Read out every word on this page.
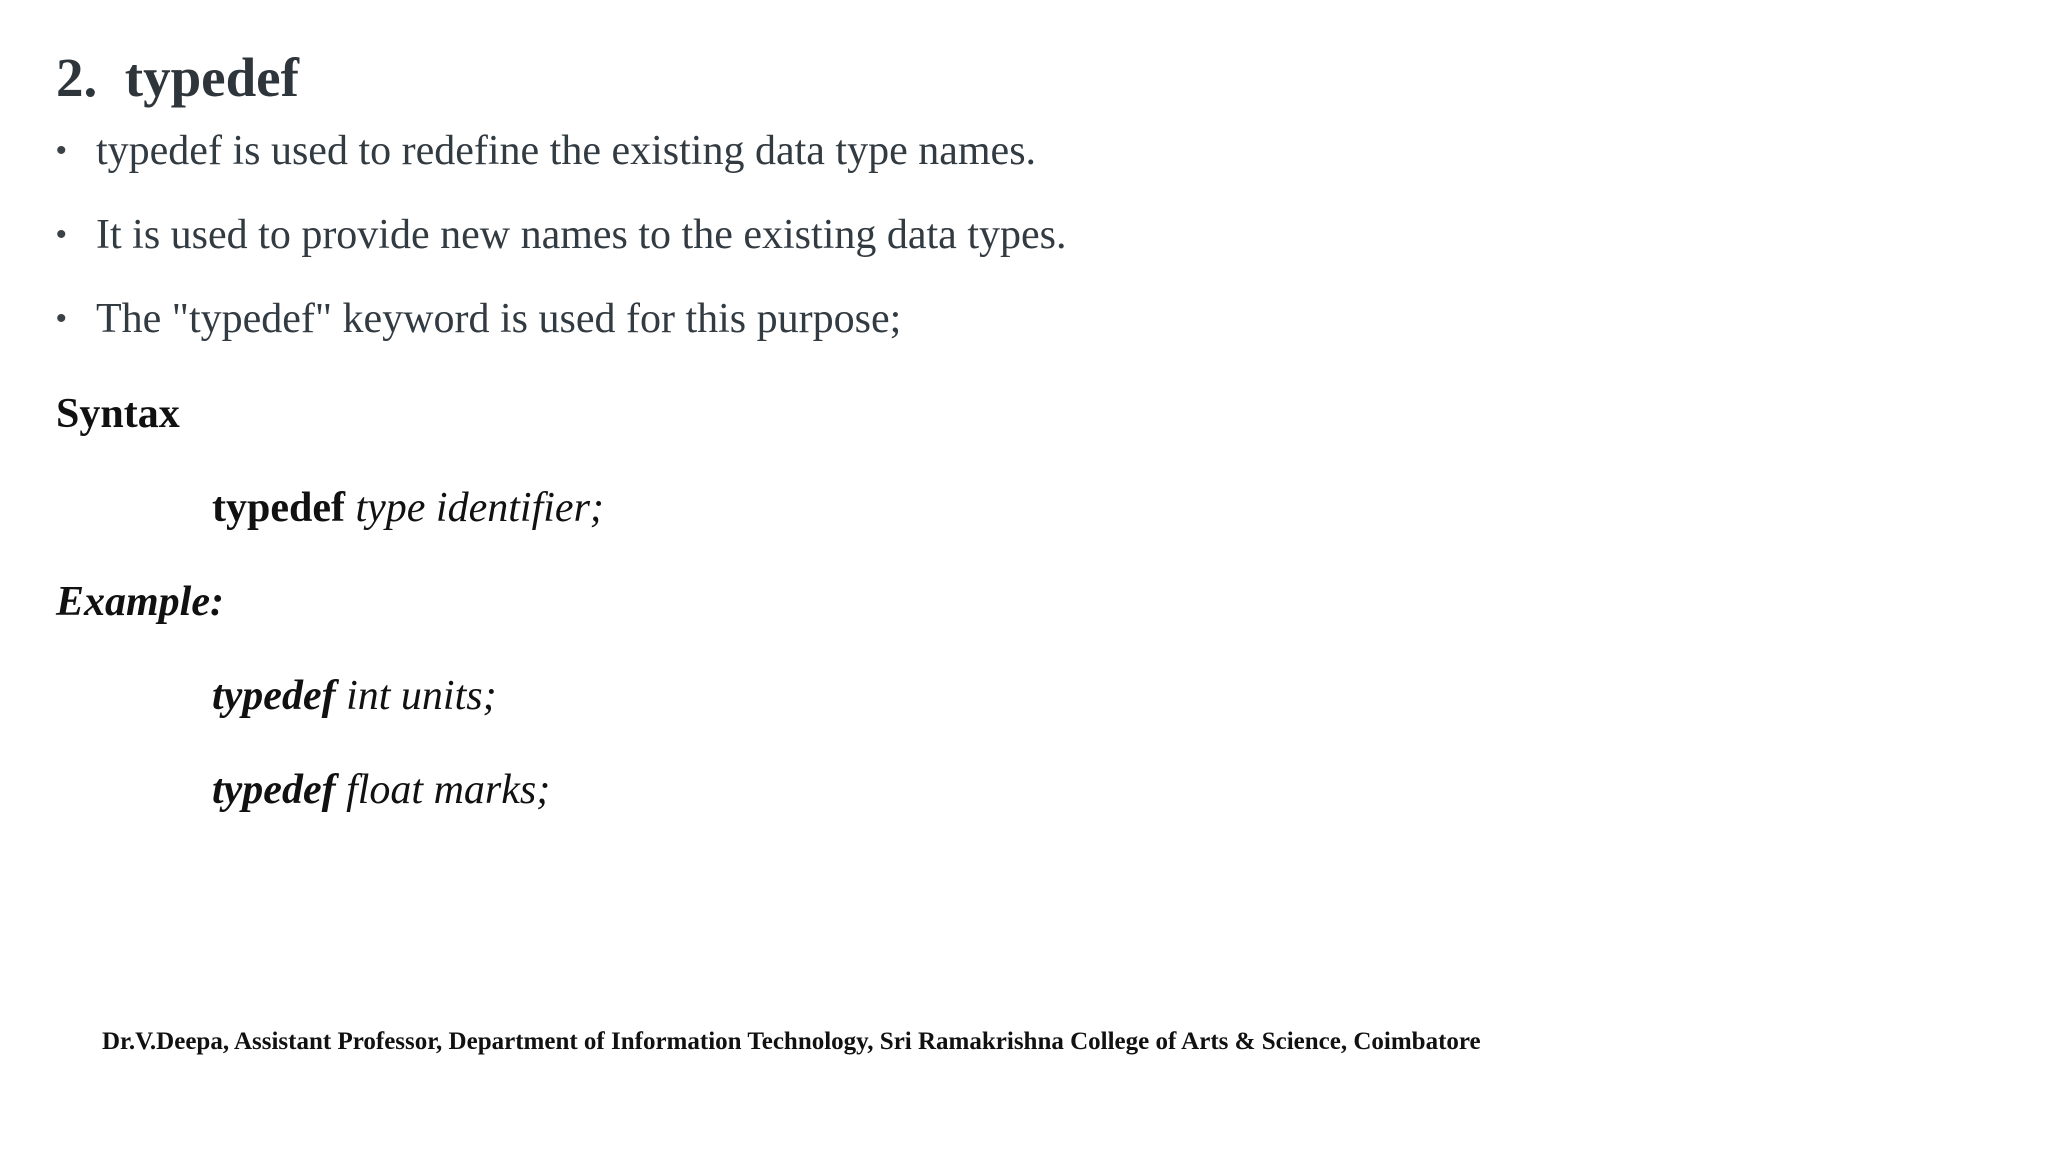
2.  typedef
• typedef is used to redefine the existing data type names.
• It is used to provide new names to the existing data types.
• The "typedef" keyword is used for this purpose;
Syntax
typedef type identifier;
Example:
typedef int units;
typedef float marks;
Dr.V.Deepa, Assistant Professor, Department of Information Technology, Sri Ramakrishna College of Arts & Science, Coimbatore
